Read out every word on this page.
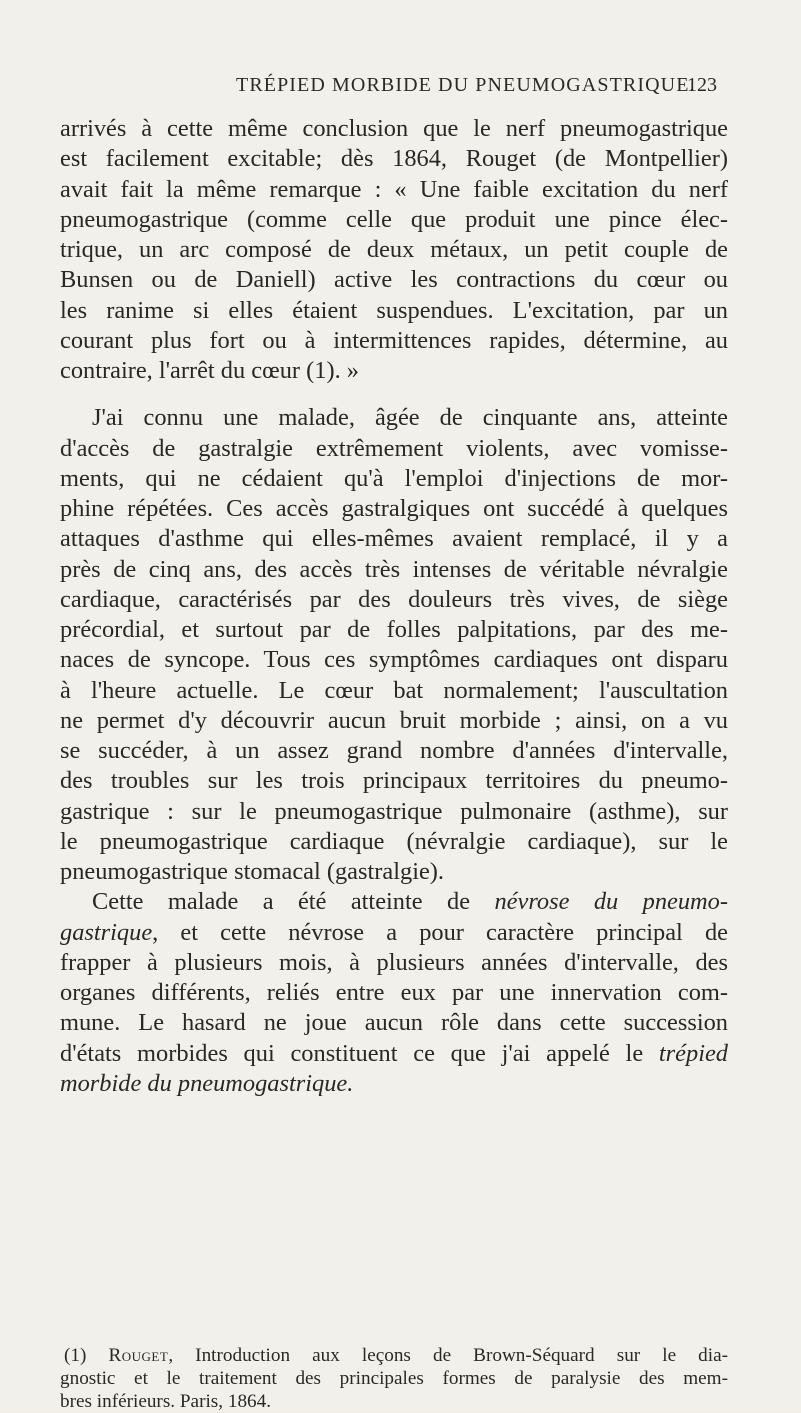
TRÉPIED MORBIDE DU PNEUMOGASTRIQUE.
123
arrivés à cette même conclusion que le nerf pneumogastrique
est facilement excitable; dès 1864, Rouget (de Montpellier)
avait fait la même remarque : « Une faible excitation du nerf
pneumogastrique (comme celle que produit une pince élec-
trique, un arc composé de deux métaux, un petit couple de
Bunsen ou de Daniell) active les contractions du cœur ou
les ranime si elles étaient suspendues. L'excitation, par un
courant plus fort ou à intermittences rapides, détermine, au
contraire, l'arrêt du cœur (1). »
J'ai connu une malade, âgée de cinquante ans, atteinte
d'accès de gastralgie extrêmement violents, avec vomisse-
ments, qui ne cédaient qu'à l'emploi d'injections de mor-
phine répétées. Ces accès gastralgiques ont succédé à quelques
attaques d'asthme qui elles-mêmes avaient remplacé, il y a
près de cinq ans, des accès très intenses de véritable névralgie
cardiaque, caractérisés par des douleurs très vives, de siège
précordial, et surtout par de folles palpitations, par des me-
naces de syncope. Tous ces symptômes cardiaques ont disparu
à l'heure actuelle. Le cœur bat normalement; l'auscultation
ne permet d'y découvrir aucun bruit morbide ; ainsi, on a vu
se succéder, à un assez grand nombre d'années d'intervalle,
des troubles sur les trois principaux territoires du pneumo-
gastrique : sur le pneumogastrique pulmonaire (asthme), sur
le pneumogastrique cardiaque (névralgie cardiaque), sur le
pneumogastrique stomacal (gastralgie).
Cette malade a été atteinte de névrose du pneumo-
gastrique, et cette névrose a pour caractère principal de
frapper à plusieurs mois, à plusieurs années d'intervalle, des
organes différents, reliés entre eux par une innervation com-
mune. Le hasard ne joue aucun rôle dans cette succession
d'états morbides qui constituent ce que j'ai appelé le trépied
morbide du pneumogastrique.
(1) Rouget, Introduction aux leçons de Brown-Séquard sur le dia-
gnostic et le traitement des principales formes de paralysie des mem-
bres inférieurs. Paris, 1864.
